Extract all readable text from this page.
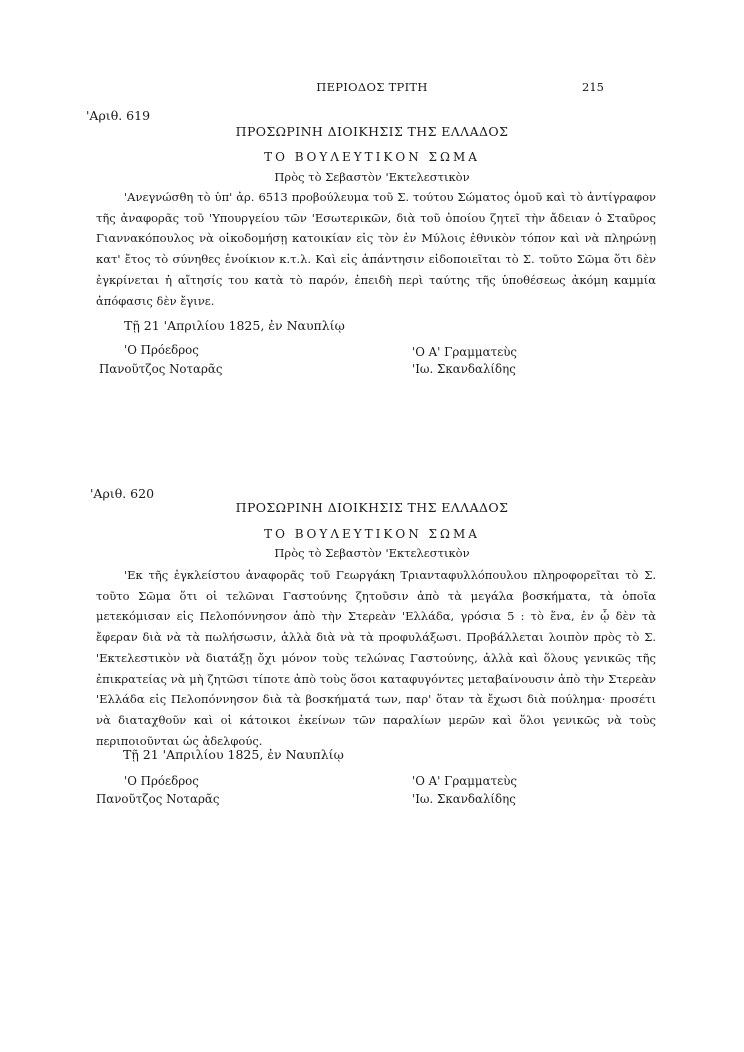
ΠΕΡΙΟΔΟΣ ΤΡΙΤΗ	215
'Αριθ. 619
ΠΡΟΣΩΡΙΝΗ ΔΙΟΙΚΗΣΙΣ ΤΗΣ ΕΛΛΑΔΟΣ
ΤΟ ΒΟΥΛΕΥΤΙΚΟΝ ΣΩΜΑ
Πρὸς τὸ Σεβαστὸν 'Εκτελεστικὸν
'Ανεγνώσθη τὸ ὑπ' ἀρ. 6513 προβούλευμα τοῦ Σ. τούτου Σώματος ὁμοῦ καὶ τὸ ἀντίγραφον τῆς ἀναφορᾶς τοῦ 'Υπουργείου τῶν 'Εσωτερικῶν, διὰ τοῦ ὁποίου ζητεῖ τὴν ἄδειαν ὁ Σταῦρος Γιαννακόπουλος νὰ οἰκοδομήσῃ κατοικίαν εἰς τὸν ἐν Μύλοις ἐθνικὸν τόπον καὶ νὰ πληρώνῃ κατ' ἔτος τὸ σύνηθες ἐνοίκιον κ.τ.λ. Καὶ εἰς ἀπάντησιν εἰδοποιεῖται τὸ Σ. τοῦτο Σῶμα ὅτι δὲν ἐγκρίνεται ἡ αἴτησίς του κατὰ τὸ παρόν, ἐπειδὴ περὶ ταύτης τῆς ὑποθέσεως ἀκόμη καμμία ἀπόφασις δὲν ἔγινε.
Τῇ 21 'Απριλίου 1825, ἐν Ναυπλίῳ
'Ο Πρόεδρος
Πανοῦτζος Νοταρᾶς
'Ο Α' Γραμματεὺς
'Ιω. Σκανδαλίδης
'Αριθ. 620
ΠΡΟΣΩΡΙΝΗ ΔΙΟΙΚΗΣΙΣ ΤΗΣ ΕΛΛΑΔΟΣ
ΤΟ ΒΟΥΛΕΥΤΙΚΟΝ ΣΩΜΑ
Πρὸς τὸ Σεβαστὸν 'Εκτελεστικὸν
'Εκ τῆς ἐγκλείστου ἀναφορᾶς τοῦ Γεωργάκη Τριανταφυλλόπουλου πληροφορεῖται τὸ Σ. τοῦτο Σῶμα ὅτι οἱ τελῶναι Γαστούνης ζητοῦσιν ἀπὸ τὰ μεγάλα βοσκήματα, τὰ ὁποῖα μετεκόμισαν εἰς Πελοπόννησον ἀπὸ τὴν Στερεὰν 'Ελλάδα, γρόσια 5 : τὸ ἕνα, ἐν ᾧ δὲν τὰ ἔφεραν διὰ νὰ τὰ πωλήσωσιν, ἀλλὰ διὰ νὰ τὰ προφυλάξωσι. Προβάλλεται λοιπὸν πρὸς τὸ Σ. 'Εκτελεστικὸν νὰ διατάξῃ ὄχι μόνον τοὺς τελώνας Γαστούνης, ἀλλὰ καὶ ὅλους γενικῶς τῆς ἐπικρατείας νὰ μὴ ζητῶσι τίποτε ἀπὸ τοὺς ὅσοι καταφυγόντες μεταβαίνουσιν ἀπὸ τὴν Στερεὰν 'Ελλάδα εἰς Πελοπόννησον διὰ τὰ βοσκήματά των, παρ' ὅταν τὰ ἔχωσι διὰ πούλημα· προσέτι νὰ διαταχθοῦν καὶ οἱ κάτοικοι ἐκείνων τῶν παραλίων μερῶν καὶ ὅλοι γενικῶς νὰ τοὺς περιποιοῦνται ὡς ἀδελφούς.
Τῇ 21 'Απριλίου 1825, ἐν Ναυπλίῳ
'Ο Πρόεδρος
Πανοῦτζος Νοταρᾶς
'Ο Α' Γραμματεὺς
'Ιω. Σκανδαλίδης
